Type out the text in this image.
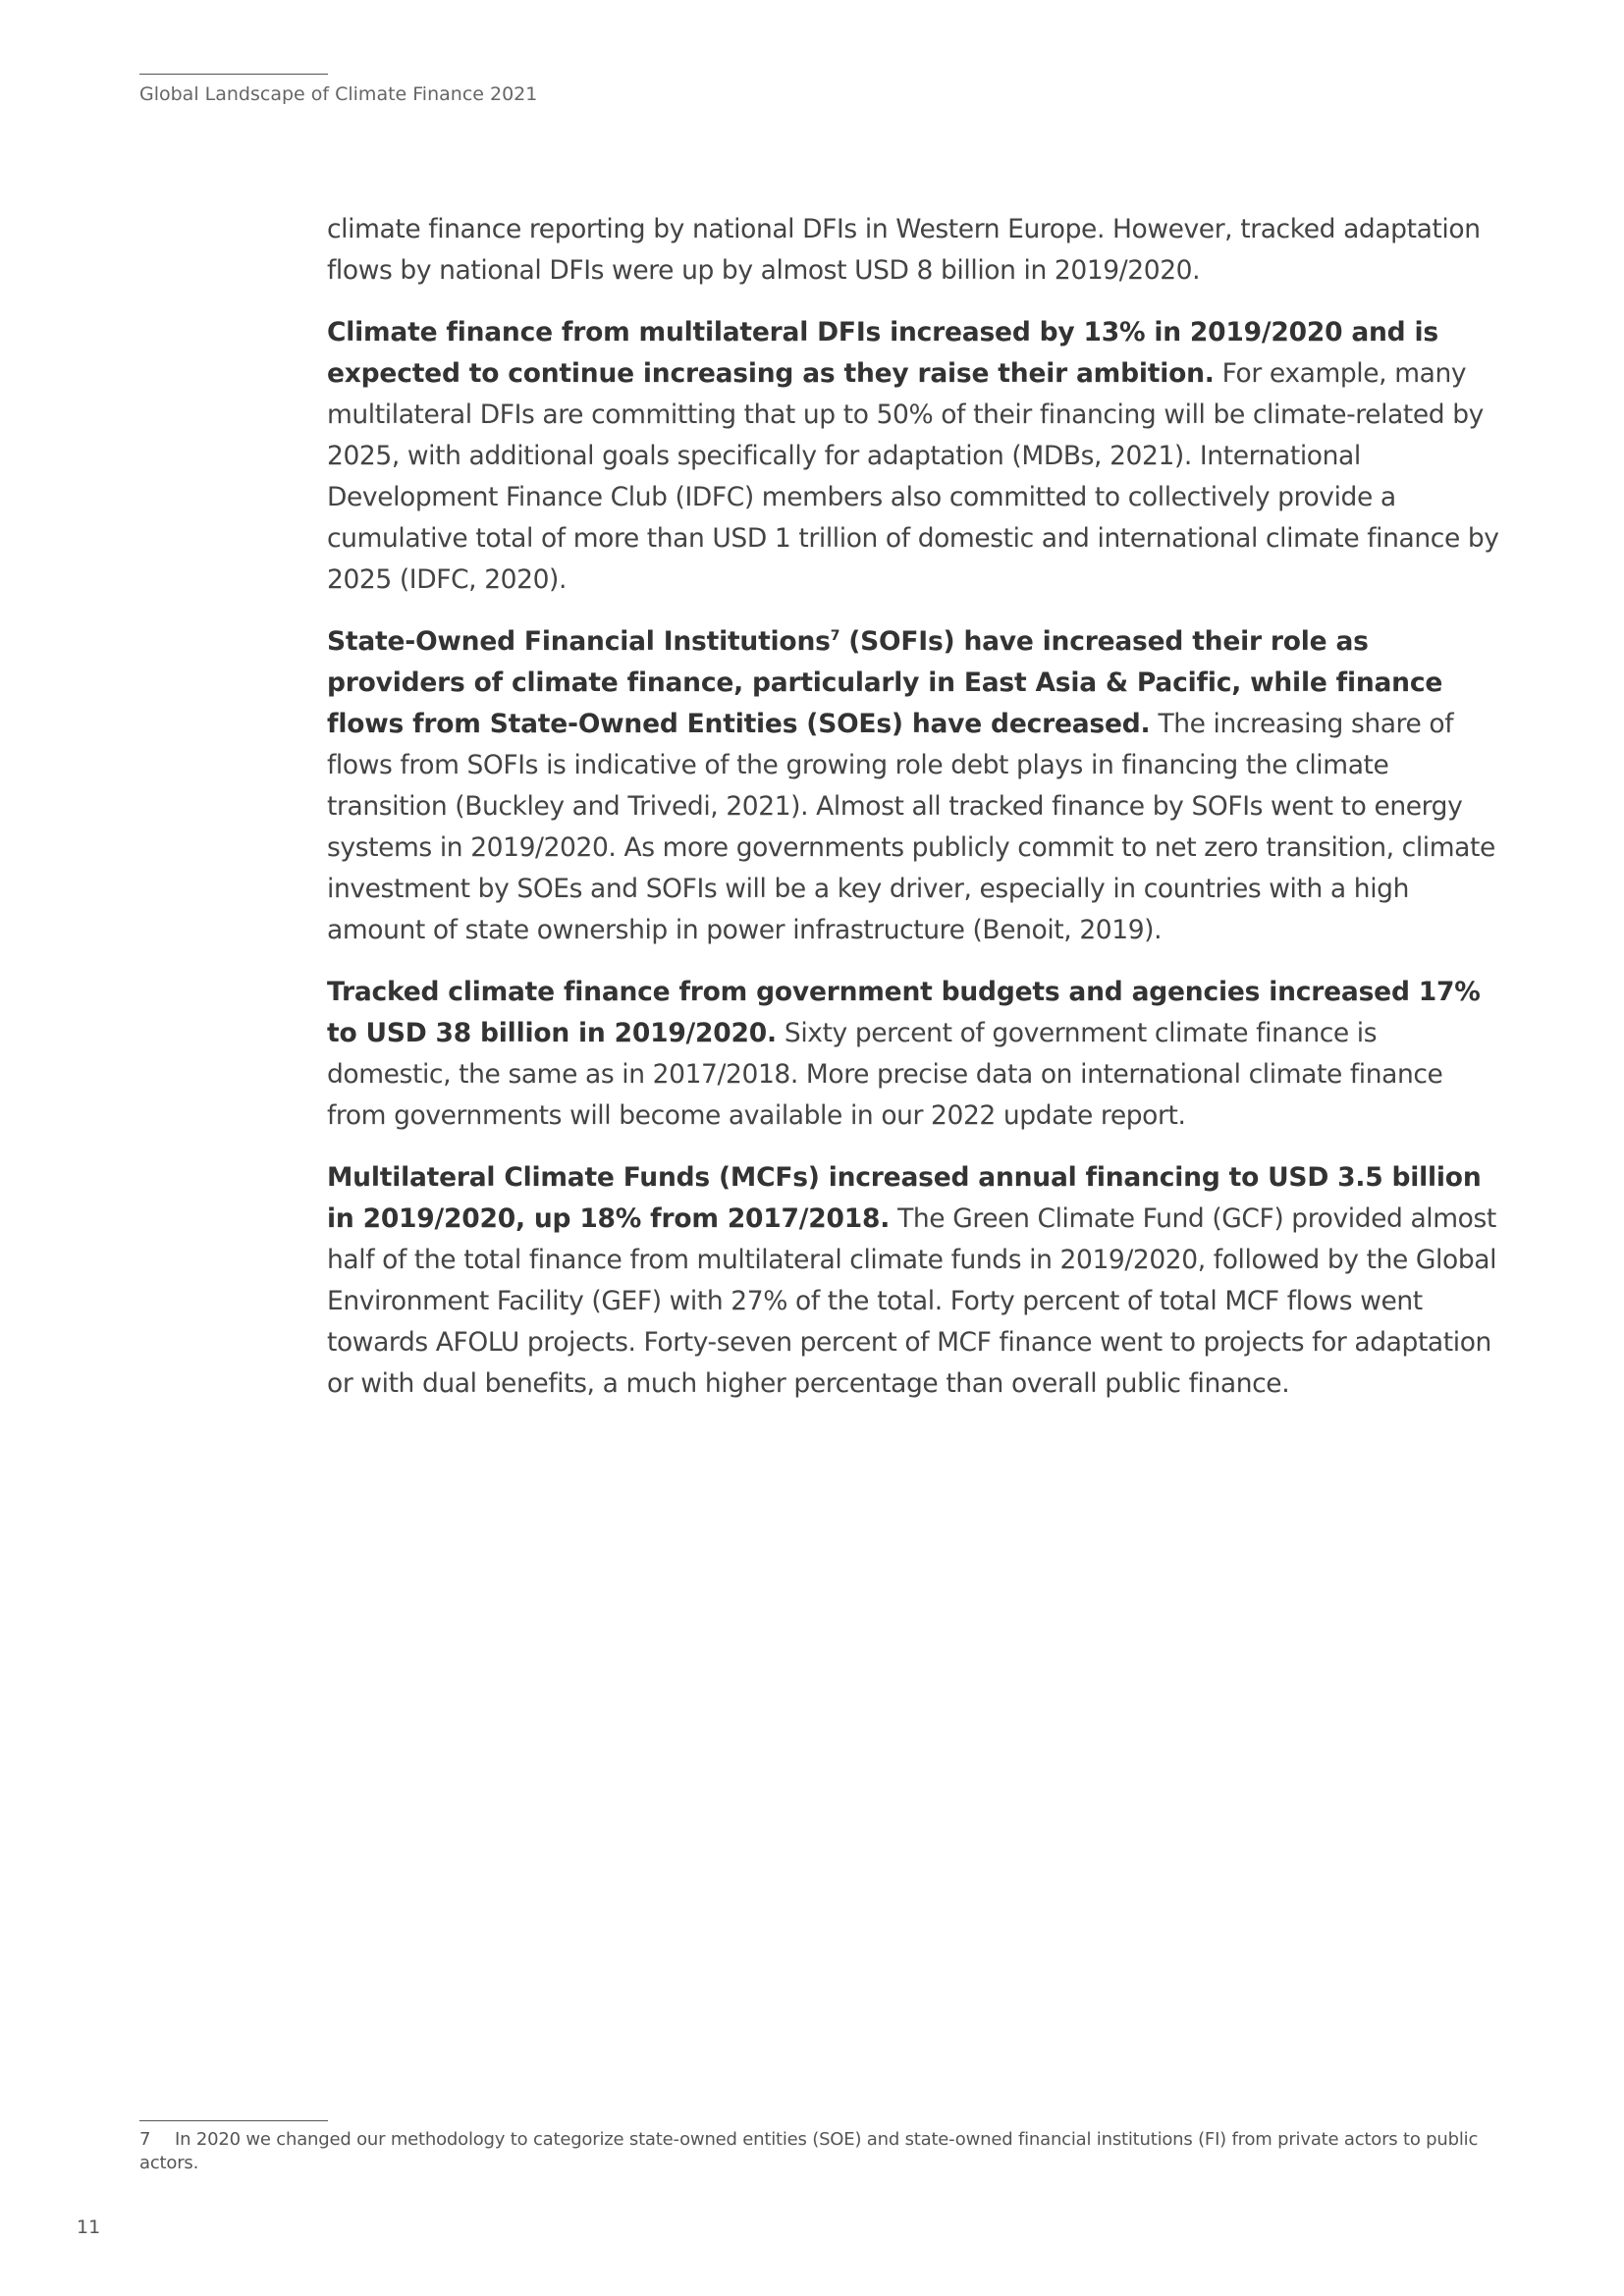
Global Landscape of Climate Finance 2021

climate finance reporting by national DFIs in Western Europe. However, tracked adaptation flows by national DFIs were up by almost USD 8 billion in 2019/2020.

Climate finance from multilateral DFIs increased by 13% in 2019/2020 and is expected to continue increasing as they raise their ambition. For example, many multilateral DFIs are committing that up to 50% of their financing will be climate-related by 2025, with additional goals specifically for adaptation (MDBs, 2021). International Development Finance Club (IDFC) members also committed to collectively provide a cumulative total of more than USD 1 trillion of domestic and international climate finance by 2025 (IDFC, 2020).

State-Owned Financial Institutions$^7$ (SOFIs) have increased their role as providers of climate finance, particularly in East Asia & Pacific, while finance flows from State-Owned Entities (SOEs) have decreased. The increasing share of flows from SOFIs is indicative of the growing role debt plays in financing the climate transition (Buckley and Trivedi, 2021). Almost all tracked finance by SOFIs went to energy systems in 2019/2020. As more governments publicly commit to net zero transition, climate investment by SOEs and SOFIs will be a key driver, especially in countries with a high amount of state ownership in power infrastructure (Benoit, 2019).

Tracked climate finance from government budgets and agencies increased 17% to USD 38 billion in 2019/2020. Sixty percent of government climate finance is domestic, the same as in 2017/2018. More precise data on international climate finance from governments will become available in our 2022 update report.

Multilateral Climate Funds (MCFs) increased annual financing to USD 3.5 billion in 2019/2020, up 18% from 2017/2018. The Green Climate Fund (GCF) provided almost half of the total finance from multilateral climate funds in 2019/2020, followed by the Global Environment Facility (GEF) with 27% of the total. Forty percent of total MCF flows went towards AFOLU projects. Forty-seven percent of MCF finance went to projects for adaptation or with dual benefits, a much higher percentage than overall public finance.

7 In 2020 we changed our methodology to categorize state-owned entities (SOE) and state-owned financial institutions (FI) from private actors to public actors.
11
